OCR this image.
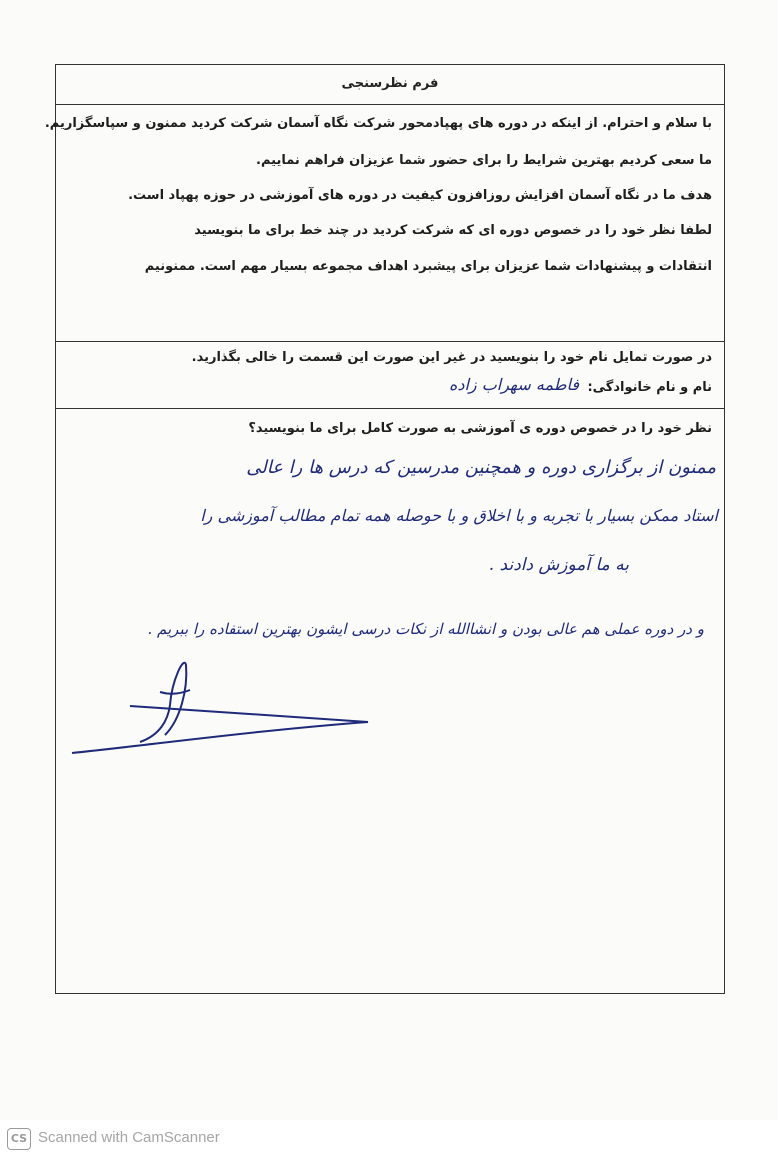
فرم نظرسنجی
با سلام و احترام. از اینکه در دوره های پهپادمحور شرکت نگاه آسمان شرکت کردید ممنون و سپاسگزاریم.
ما سعی کردیم بهترین شرایط را برای حضور شما عزیزان فراهم نماییم.
هدف ما در نگاه آسمان افزایش روزافزون کیفیت در دوره های آموزشی در حوزه پهپاد است.
لطفا نظر خود را در خصوص دوره ای که شرکت کردید در چند خط برای ما بنویسید
انتقادات و پیشنهادات شما عزیزان برای پیشبرد اهداف مجموعه بسیار مهم است. ممنونیم
در صورت تمایل نام خود را بنویسید در غیر این صورت این قسمت را خالی بگذارید.
نام و نام خانوادگی:
فاطمه سهراب زاده
نظر خود را در خصوص دوره ی آموزشی به صورت کامل برای ما بنویسید؟
ممنون از برگزاری دوره و همچنین مدرسین که درس ها را عالی
استاد ممکن بسیار با تجربه و با اخلاق و با حوصله همه تمام مطالب آموزشی را
به ما آموزش دادند .
و در دوره عملی هم عالی بودن و انشاالله از نکات درسی ایشون بهترین استفاده را ببریم .
CS Scanned with CamScanner
